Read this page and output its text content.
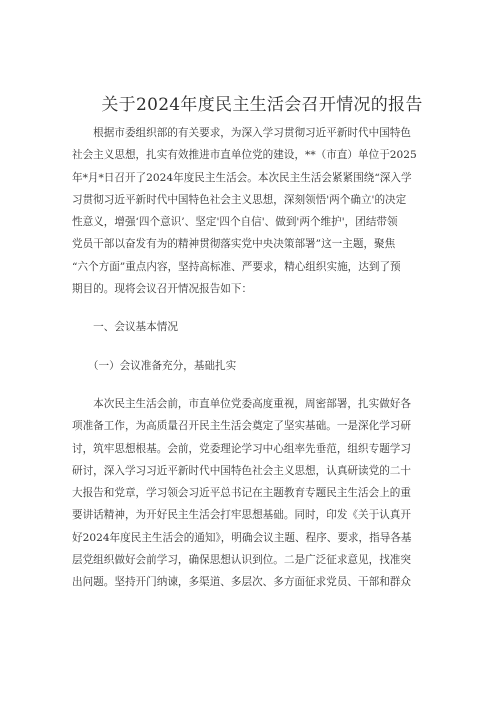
关于2024年度民主生活会召开情况的报告
　　根据市委组织部的有关要求，为深入学习贯彻习近平新时代中国特色
社会主义思想，扎实有效推进市直单位党的建设，**（市直）单位于2025
年*月*日召开了2024年度民主生活会。本次民主生活会紧紧围绕“深入学
习贯彻习近平新时代中国特色社会主义思想，深刻领悟'两个确立'的决定
性意义，增强‘四个意识’、坚定'四个自信'、做到'两个维护'，团结带领
党员干部以奋发有为的精神贯彻落实党中央决策部署”这一主题，聚焦
“六个方面”重点内容，坚持高标准、严要求，精心组织实施，达到了预
期目的。现将会议召开情况报告如下：
　　一、会议基本情况
　　（一）会议准备充分，基础扎实
　　本次民主生活会前，市直单位党委高度重视，周密部署，扎实做好各
项准备工作，为高质量召开民主生活会奠定了坚实基础。一是深化学习研
讨，筑牢思想根基。会前，党委理论学习中心组率先垂范，组织专题学习
研讨，深入学习习近平新时代中国特色社会主义思想，认真研读党的二十
大报告和党章，学习领会习近平总书记在主题教育专题民主生活会上的重
要讲话精神，为开好民主生活会打牢思想基础。同时，印发《关于认真开
好2024年度民主生活会的通知》，明确会议主题、程序、要求，指导各基
层党组织做好会前学习，确保思想认识到位。二是广泛征求意见，找准突
出问题。坚持开门纳谏，多渠道、多层次、多方面征求党员、干部和群众
